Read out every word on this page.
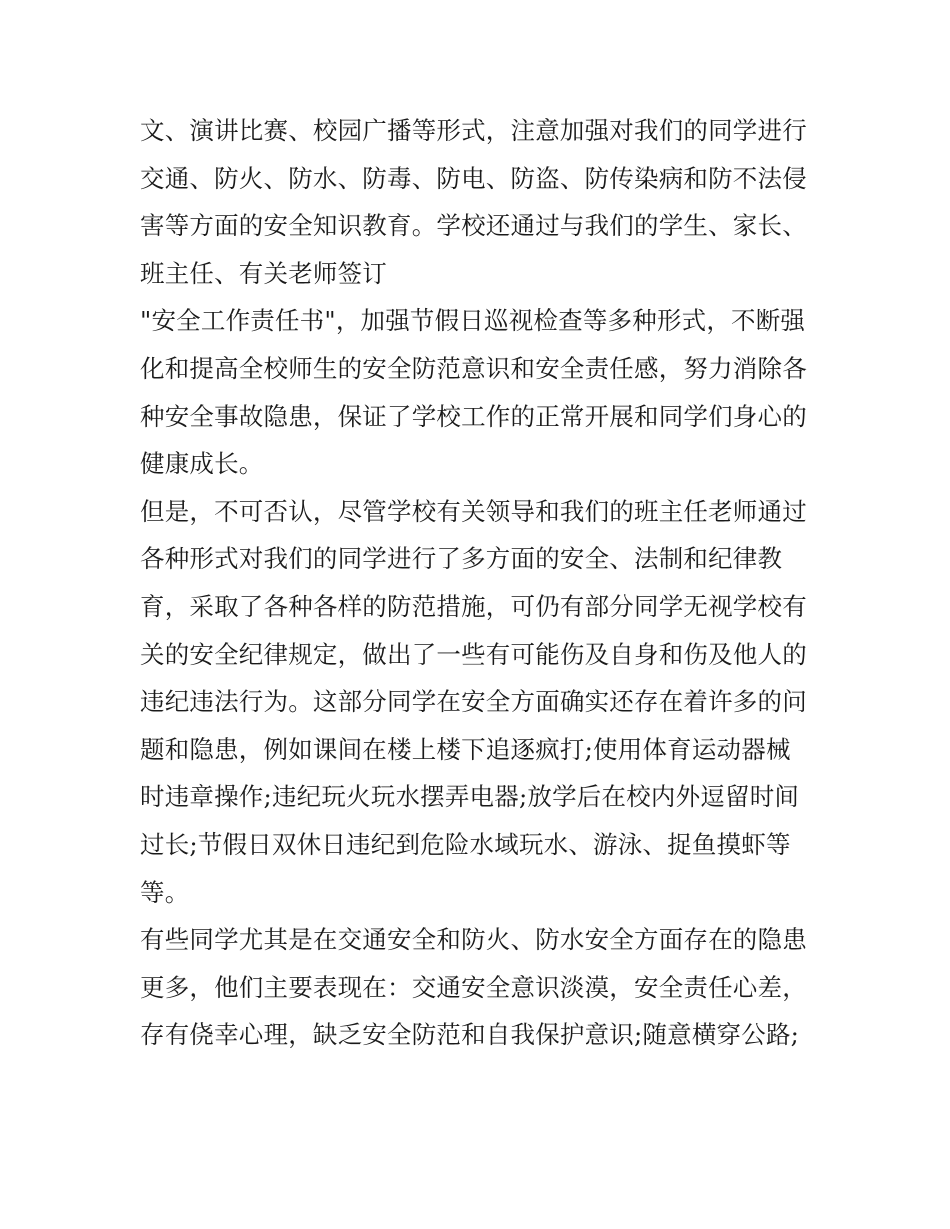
文、演讲比赛、校园广播等形式，注意加强对我们的同学进行
交通、防火、防水、防毒、防电、防盗、防传染病和防不法侵
害等方面的安全知识教育。学校还通过与我们的学生、家长、
班主任、有关老师签订
"安全工作责任书"，加强节假日巡视检查等多种形式，不断强
化和提高全校师生的安全防范意识和安全责任感，努力消除各
种安全事故隐患，保证了学校工作的正常开展和同学们身心的
健康成长。
但是，不可否认，尽管学校有关领导和我们的班主任老师通过
各种形式对我们的同学进行了多方面的安全、法制和纪律教
育，采取了各种各样的防范措施，可仍有部分同学无视学校有
关的安全纪律规定，做出了一些有可能伤及自身和伤及他人的
违纪违法行为。这部分同学在安全方面确实还存在着许多的问
题和隐患，例如课间在楼上楼下追逐疯打;使用体育运动器械
时违章操作;违纪玩火玩水摆弄电器;放学后在校内外逗留时间
过长;节假日双休日违纪到危险水域玩水、游泳、捉鱼摸虾等
等。
有些同学尤其是在交通安全和防火、防水安全方面存在的隐患
更多，他们主要表现在：交通安全意识淡漠，安全责任心差，
存有侥幸心理，缺乏安全防范和自我保护意识;随意横穿公路;
